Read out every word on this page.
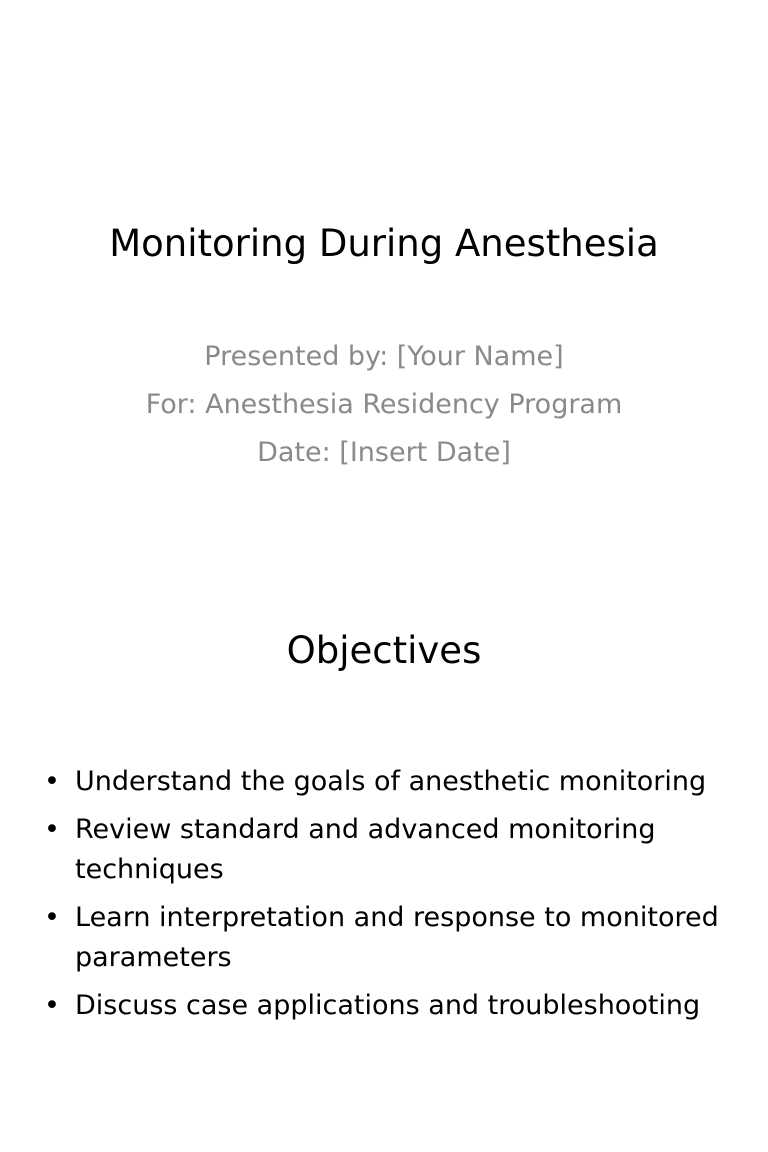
Monitoring During Anesthesia
Presented by: [Your Name]
For: Anesthesia Residency Program
Date: [Insert Date]
Objectives
• Understand the goals of anesthetic monitoring
• Review standard and advanced monitoring techniques
• Learn interpretation and response to monitored parameters
• Discuss case applications and troubleshooting
